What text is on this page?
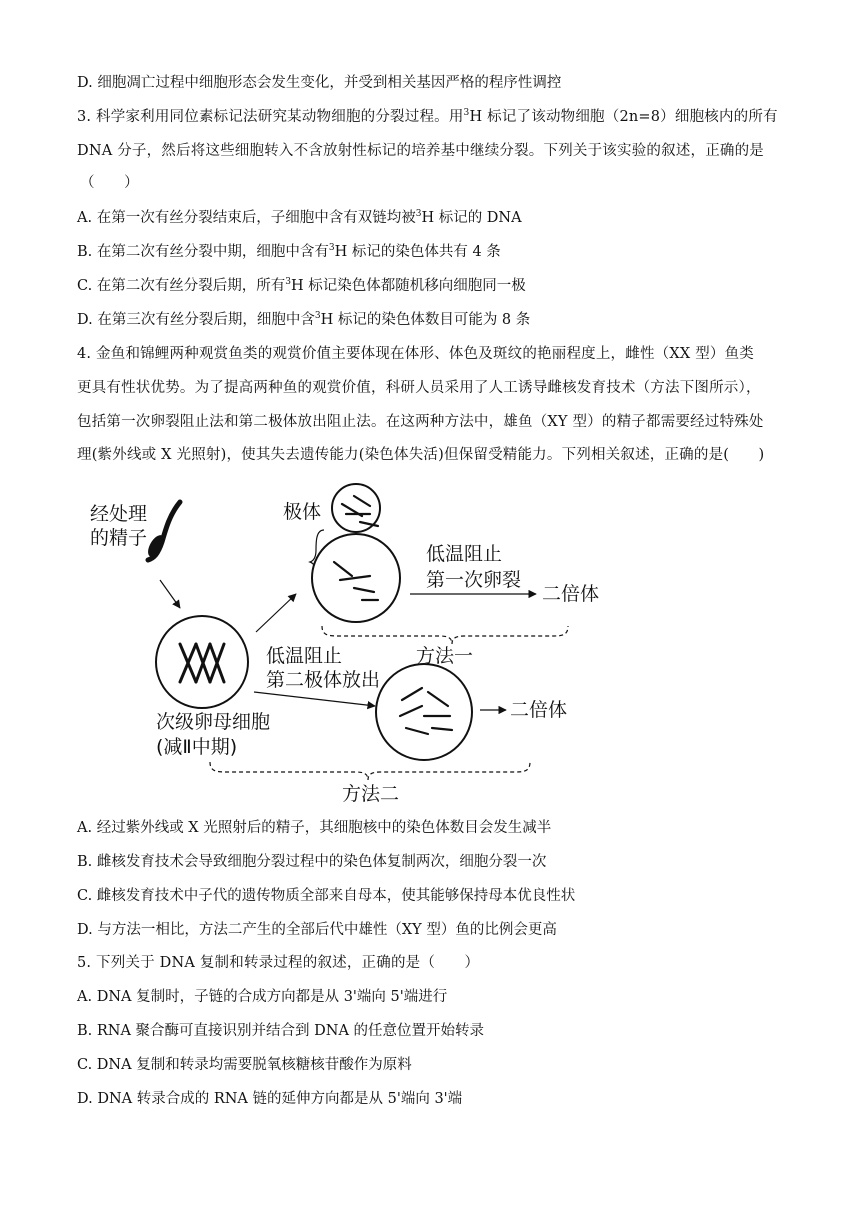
D. 细胞凋亡过程中细胞形态会发生变化，并受到相关基因严格的程序性调控
3. 科学家利用同位素标记法研究某动物细胞的分裂过程。用$^3$H 标记了该动物细胞（2n=8）细胞核内的所有
DNA 分子，然后将这些细胞转入不含放射性标记的培养基中继续分裂。下列关于该实验的叙述，正确的是
（　　）
A. 在第一次有丝分裂结束后，子细胞中含有双链均被$^3$H 标记的 DNA
B. 在第二次有丝分裂中期，细胞中含有$^3$H 标记的染色体共有 4 条
C. 在第二次有丝分裂后期，所有$^3$H 标记染色体都随机移向细胞同一极
D. 在第三次有丝分裂后期，细胞中含$^3$H 标记的染色体数目可能为 8 条
4. 金鱼和锦鲤两种观赏鱼类的观赏价值主要体现在体形、体色及斑纹的艳丽程度上，雌性（XX 型）鱼类
更具有性状优势。为了提高两种鱼的观赏价值，科研人员采用了人工诱导雌核发育技术（方法下图所示），
包括第一次卵裂阻止法和第二极体放出阻止法。在这两种方法中，雄鱼（XY 型）的精子都需要经过特殊处
理(紫外线或 X 光照射)，使其失去遗传能力(染色体失活)但保留受精能力。下列相关叙述，正确的是(　　)
经处理
的精子
次级卵母细胞
(减Ⅱ中期)
极体
低温阻止
第一次卵裂
二倍体
方法一
低温阻止
第二极体放出
二倍体
方法二
A. 经过紫外线或 X 光照射后的精子，其细胞核中的染色体数目会发生减半
B. 雌核发育技术会导致细胞分裂过程中的染色体复制两次，细胞分裂一次
C. 雌核发育技术中子代的遗传物质全部来自母本，使其能够保持母本优良性状
D. 与方法一相比，方法二产生的全部后代中雄性（XY 型）鱼的比例会更高
5. 下列关于 DNA 复制和转录过程的叙述，正确的是（　　）
A. DNA 复制时，子链的合成方向都是从 3'端向 5'端进行
B. RNA 聚合酶可直接识别并结合到 DNA 的任意位置开始转录
C. DNA 复制和转录均需要脱氧核糖核苷酸作为原料
D. DNA 转录合成的 RNA 链的延伸方向都是从 5'端向 3'端
